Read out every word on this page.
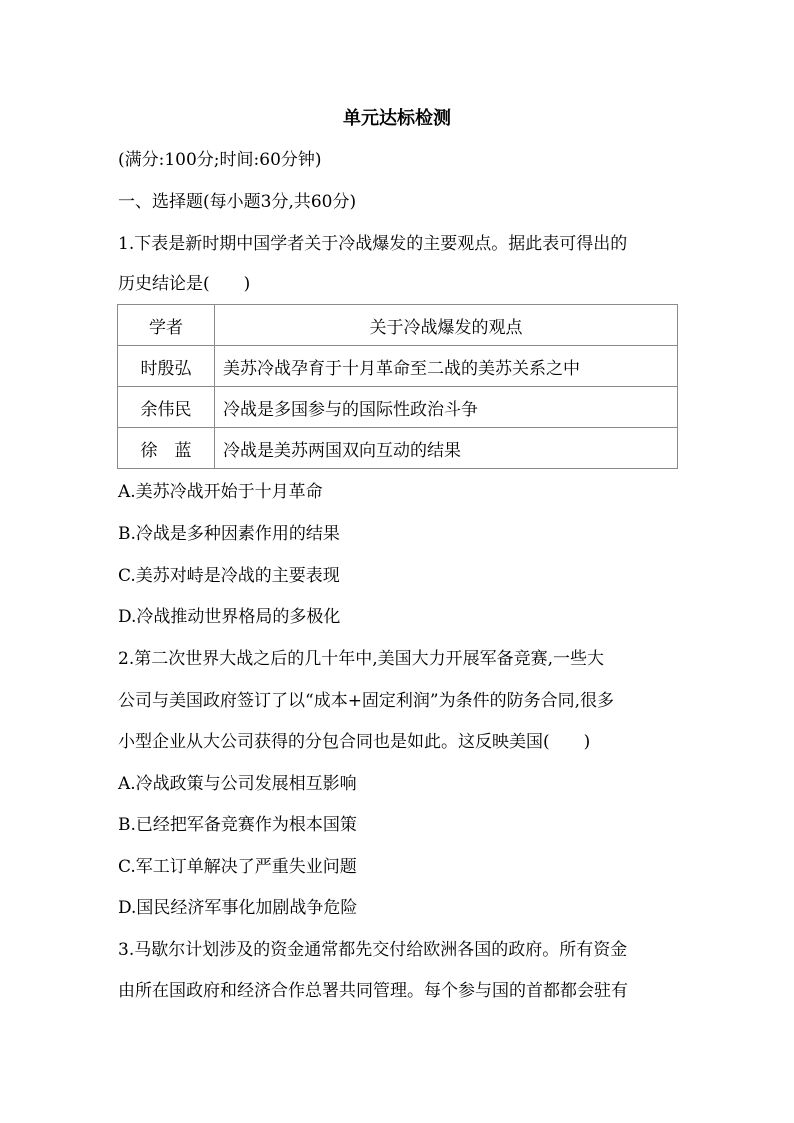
单元达标检测
(满分:100分;时间:60分钟)
一、选择题(每小题3分,共60分)
1.下表是新时期中国学者关于冷战爆发的主要观点。据此表可得出的
历史结论是(　　)
学者	关于冷战爆发的观点
时殷弘	美苏冷战孕育于十月革命至二战的美苏关系之中
余伟民	冷战是多国参与的国际性政治斗争
徐　蓝	冷战是美苏两国双向互动的结果
A.美苏冷战开始于十月革命
B.冷战是多种因素作用的结果
C.美苏对峙是冷战的主要表现
D.冷战推动世界格局的多极化
2.第二次世界大战之后的几十年中,美国大力开展军备竞赛,一些大
公司与美国政府签订了以“成本+固定利润”为条件的防务合同,很多
小型企业从大公司获得的分包合同也是如此。这反映美国(　　)
A.冷战政策与公司发展相互影响
B.已经把军备竞赛作为根本国策
C.军工订单解决了严重失业问题
D.国民经济军事化加剧战争危险
3.马歇尔计划涉及的资金通常都先交付给欧洲各国的政府。所有资金
由所在国政府和经济合作总署共同管理。每个参与国的首都都会驻有
